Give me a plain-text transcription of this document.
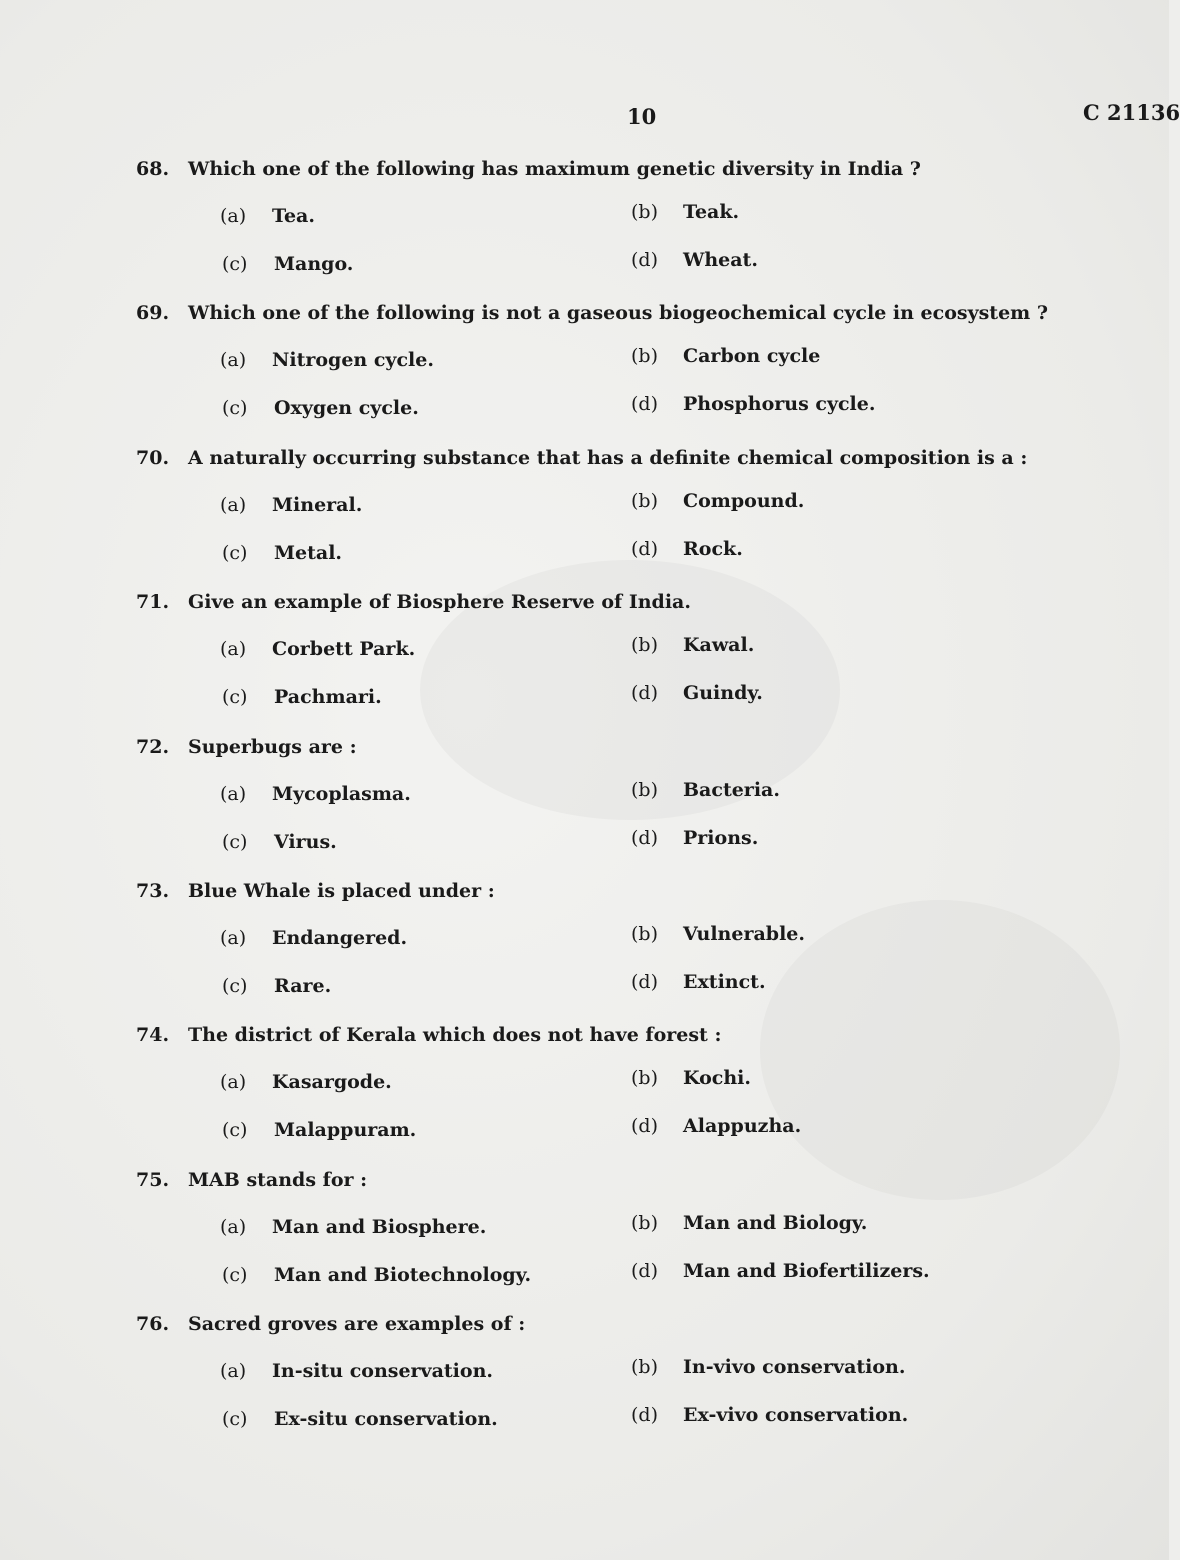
10	C 21136
68. Which one of the following has maximum genetic diversity in India ?
(a) Tea.	(b) Teak.
(c) Mango.	(d) Wheat.
69. Which one of the following is not a gaseous biogeochemical cycle in ecosystem ?
(a) Nitrogen cycle.	(b) Carbon cycle
(c) Oxygen cycle.	(d) Phosphorus cycle.
70. A naturally occurring substance that has a definite chemical composition is a :
(a) Mineral.	(b) Compound.
(c) Metal.	(d) Rock.
71. Give an example of Biosphere Reserve of India.
(a) Corbett Park.	(b) Kawal.
(c) Pachmari.	(d) Guindy.
72. Superbugs are :
(a) Mycoplasma.	(b) Bacteria.
(c) Virus.	(d) Prions.
73. Blue Whale is placed under :
(a) Endangered.	(b) Vulnerable.
(c) Rare.	(d) Extinct.
74. The district of Kerala which does not have forest :
(a) Kasargode.	(b) Kochi.
(c) Malappuram.	(d) Alappuzha.
75. MAB stands for :
(a) Man and Biosphere.	(b) Man and Biology.
(c) Man and Biotechnology.	(d) Man and Biofertilizers.
76. Sacred groves are examples of :
(a) In-situ conservation.	(b) In-vivo conservation.
(c) Ex-situ conservation.	(d) Ex-vivo conservation.
